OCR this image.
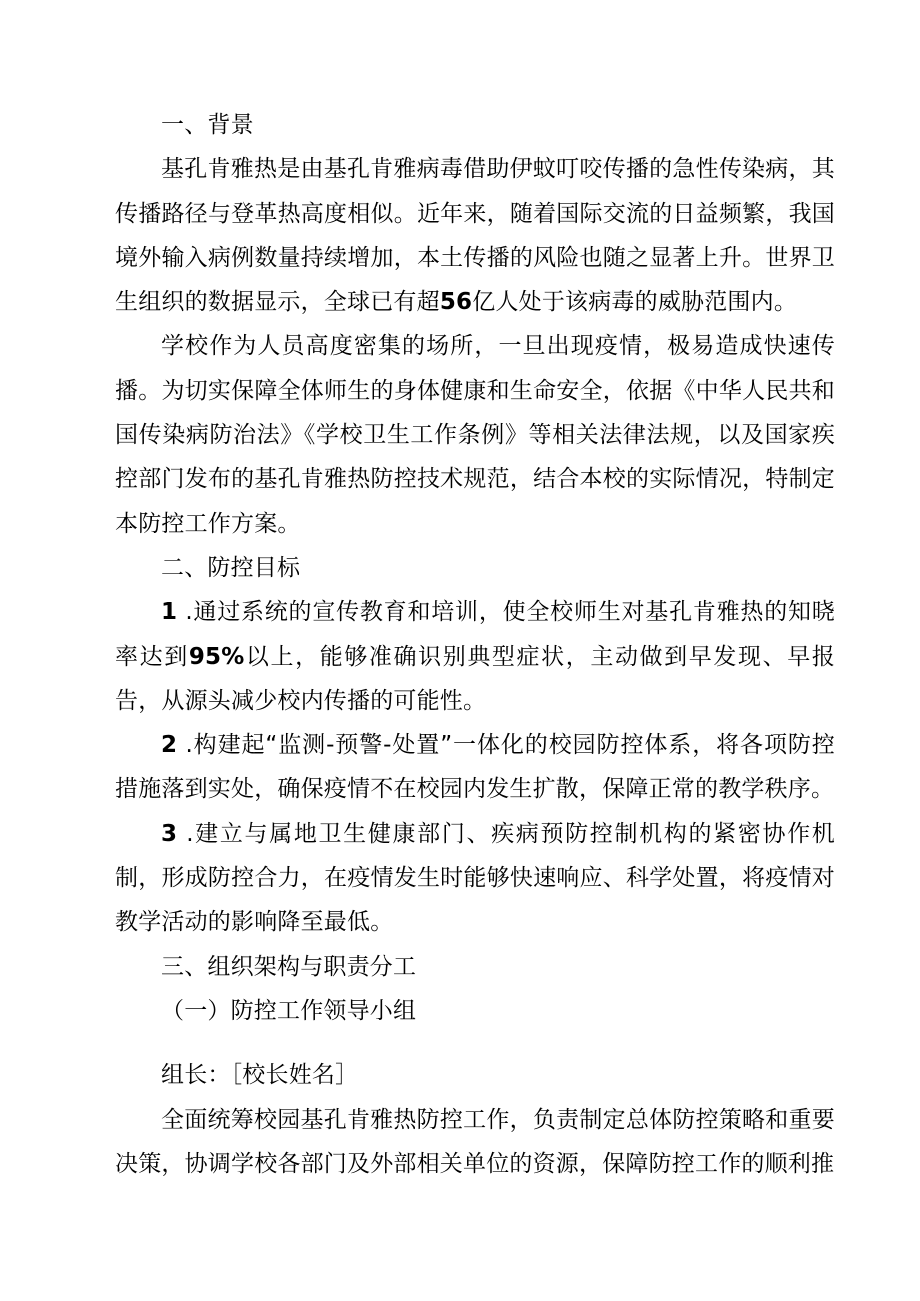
一、背景

基孔肯雅热是由基孔肯雅病毒借助伊蚊叮咬传播的急性传染病，其传播路径与登革热高度相似。近年来，随着国际交流的日益频繁，我国境外输入病例数量持续增加，本土传播的风险也随之显著上升。世界卫生组织的数据显示，全球已有超56亿人处于该病毒的威胁范围内。

学校作为人员高度密集的场所，一旦出现疫情，极易造成快速传播。为切实保障全体师生的身体健康和生命安全，依据《中华人民共和国传染病防治法》《学校卫生工作条例》等相关法律法规，以及国家疾控部门发布的基孔肯雅热防控技术规范，结合本校的实际情况，特制定本防控工作方案。

二、防控目标

1 .通过系统的宣传教育和培训，使全校师生对基孔肯雅热的知晓率达到95%以上，能够准确识别典型症状，主动做到早发现、早报告，从源头减少校内传播的可能性。

2 .构建起“监测-预警-处置”一体化的校园防控体系，将各项防控措施落到实处，确保疫情不在校园内发生扩散，保障正常的教学秩序。

3 .建立与属地卫生健康部门、疾病预防控制机构的紧密协作机制，形成防控合力，在疫情发生时能够快速响应、科学处置，将疫情对教学活动的影响降至最低。

三、组织架构与职责分工

（一）防控工作领导小组

组长：［校长姓名］

全面统筹校园基孔肯雅热防控工作，负责制定总体防控策略和重要决策，协调学校各部门及外部相关单位的资源，保障防控工作的顺利推
